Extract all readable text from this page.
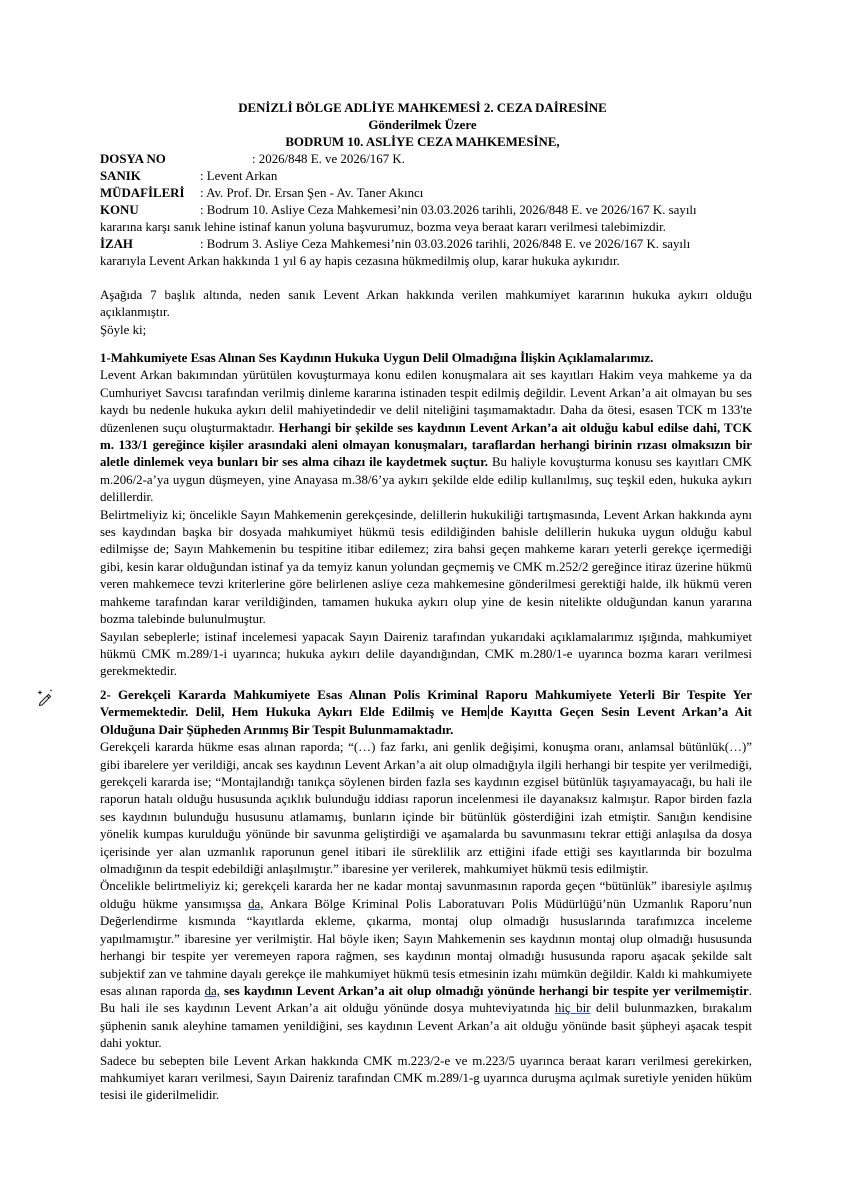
DENİZLİ BÖLGE ADLİYE MAHKEMESİ 2. CEZA DAİRESİNE
Gönderilmek Üzere
BODRUM 10. ASLİYE CEZA MAHKEMESİNE,
DOSYA NO	: 2026/848 E. ve 2026/167 K.
SANIK	: Levent Arkan
MÜDAFİLERİ : Av. Prof. Dr. Ersan Şen - Av. Taner Akıncı
KONU	: Bodrum 10. Asliye Ceza Mahkemesi’nin 03.03.2026 tarihli, 2026/848 E. ve 2026/167 K. sayılı
kararına karşı sanık lehine istinaf kanun yoluna başvurumuz, bozma veya beraat kararı verilmesi talebimizdir.
İZAH	: Bodrum 3. Asliye Ceza Mahkemesi’nin 03.03.2026 tarihli, 2026/848 E. ve 2026/167 K. sayılı
kararıyla Levent Arkan hakkında 1 yıl 6 ay hapis cezasına hükmedilmiş olup, karar hukuka aykırıdır.

Aşağıda 7 başlık altında, neden sanık Levent Arkan hakkında verilen mahkumiyet kararının hukuka aykırı olduğu açıklanmıştır.

Şöyle ki;

1-Mahkumiyete Esas Alınan Ses Kaydının Hukuka Uygun Delil Olmadığına İlişkin Açıklamalarımız.

Levent Arkan bakımından yürütülen kovuşturmaya konu edilen konuşmalara ait ses kayıtları Hakim veya mahkeme ya da Cumhuriyet Savcısı tarafından verilmiş dinleme kararına istinaden tespit edilmiş değildir. Levent Arkan’a ait olmayan bu ses kaydı bu nedenle hukuka aykırı delil mahiyetindedir ve delil niteliğini taşımamaktadır. Daha da ötesi, esasen TCK m 133'te düzenlenen suçu oluşturmaktadır. Herhangi bir şekilde ses kaydının Levent Arkan’a ait olduğu kabul edilse dahi, TCK m. 133/1 gereğince kişiler arasındaki aleni olmayan konuşmaları, taraflardan herhangi birinin rızası olmaksızın bir aletle dinlemek veya bunları bir ses alma cihazı ile kaydetmek suçtur. Bu haliyle kovuşturma konusu ses kayıtları CMK m.206/2-a’ya uygun düşmeyen, yine Anayasa m.38/6’ya aykırı şekilde elde edilip kullanılmış, suç teşkil eden, hukuka aykırı delillerdir.

Belirtmeliyiz ki; öncelikle Sayın Mahkemenin gerekçesinde, delillerin hukukiliği tartışmasında, Levent Arkan hakkında aynı ses kaydından başka bir dosyada mahkumiyet hükmü tesis edildiğinden bahisle delillerin hukuka uygun olduğu kabul edilmişse de; Sayın Mahkemenin bu tespitine itibar edilemez; zira bahsi geçen mahkeme kararı yeterli gerekçe içermediği gibi, kesin karar olduğundan istinaf ya da temyiz kanun yolundan geçmemiş ve CMK m.252/2 gereğince itiraz üzerine hükmü veren mahkemece tevzi kriterlerine göre belirlenen asliye ceza mahkemesine gönderilmesi gerektiği halde, ilk hükmü veren mahkeme tarafından karar verildiğinden, tamamen hukuka aykırı olup yine de kesin nitelikte olduğundan kanun yararına bozma talebinde bulunulmuştur.

Sayılan sebeplerle; istinaf incelemesi yapacak Sayın Daireniz tarafından yukarıdaki açıklamalarımız ışığında, mahkumiyet hükmü CMK m.289/1-i uyarınca; hukuka aykırı delile dayandığından, CMK m.280/1-e uyarınca bozma kararı verilmesi gerekmektedir.

2- Gerekçeli Kararda Mahkumiyete Esas Alınan Polis Kriminal Raporu Mahkumiyete Yeterli Bir Tespite Yer Vermemektedir. Delil, Hem Hukuka Aykırı Elde Edilmiş ve Hem de Kayıtta Geçen Sesin Levent Arkan’a Ait Olduğuna Dair Şüpheden Arınmış Bir Tespit Bulunmamaktadır.

Gerekçeli kararda hükme esas alınan raporda; “(…) faz farkı, ani genlik değişimi, konuşma oranı, anlamsal bütünlük(…)” gibi ibarelere yer verildiği, ancak ses kaydının Levent Arkan’a ait olup olmadığıyla ilgili herhangi bir tespite yer verilmediği, gerekçeli kararda ise; “Montajlandığı tanıkça söylenen birden fazla ses kaydının ezgisel bütünlük taşıyamayacağı, bu hali ile raporun hatalı olduğu hususunda açıklık bulunduğu iddiası raporun incelenmesi ile dayanaksız kalmıştır. Rapor birden fazla ses kaydının bulunduğu hususunu atlamamış, bunların içinde bir bütünlük gösterdiğini izah etmiştir. Sanığın kendisine yönelik kumpas kurulduğu yönünde bir savunma geliştirdiği ve aşamalarda bu savunmasını tekrar ettiği anlaşılsa da dosya içerisinde yer alan uzmanlık raporunun genel itibari ile süreklilik arz ettiğini ifade ettiği ses kayıtlarında bir bozulma olmadığının da tespit edebildiği anlaşılmıştır.” ibaresine yer verilerek, mahkumiyet hükmü tesis edilmiştir.

Öncelikle belirtmeliyiz ki; gerekçeli kararda her ne kadar montaj savunmasının raporda geçen “bütünlük” ibaresiyle aşılmış olduğu hükme yansımışsa da, Ankara Bölge Kriminal Polis Laboratuvarı Polis Müdürlüğü’nün Uzmanlık Raporu’nun Değerlendirme kısmında “kayıtlarda ekleme, çıkarma, montaj olup olmadığı hususlarında tarafımızca inceleme yapılmamıştır.” ibaresine yer verilmiştir. Hal böyle iken; Sayın Mahkemenin ses kaydının montaj olup olmadığı hususunda herhangi bir tespite yer veremeyen rapora rağmen, ses kaydının montaj olmadığı hususunda raporu aşacak şekilde salt subjektif zan ve tahmine dayalı gerekçe ile mahkumiyet hükmü tesis etmesinin izahı mümkün değildir. Kaldı ki mahkumiyete esas alınan raporda da, ses kaydının Levent Arkan’a ait olup olmadığı yönünde herhangi bir tespite yer verilmemiştir. Bu hali ile ses kaydının Levent Arkan’a ait olduğu yönünde dosya muhteviyatında hiç bir delil bulunmazken, bırakalım şüphenin sanık aleyhine tamamen yenildiğini, ses kaydının Levent Arkan’a ait olduğu yönünde basit şüpheyi aşacak tespit dahi yoktur.

Sadece bu sebepten bile Levent Arkan hakkında CMK m.223/2-e ve m.223/5 uyarınca beraat kararı verilmesi gerekirken, mahkumiyet kararı verilmesi, Sayın Daireniz tarafından CMK m.289/1-g uyarınca duruşma açılmak suretiyle yeniden hüküm tesisi ile giderilmelidir.
